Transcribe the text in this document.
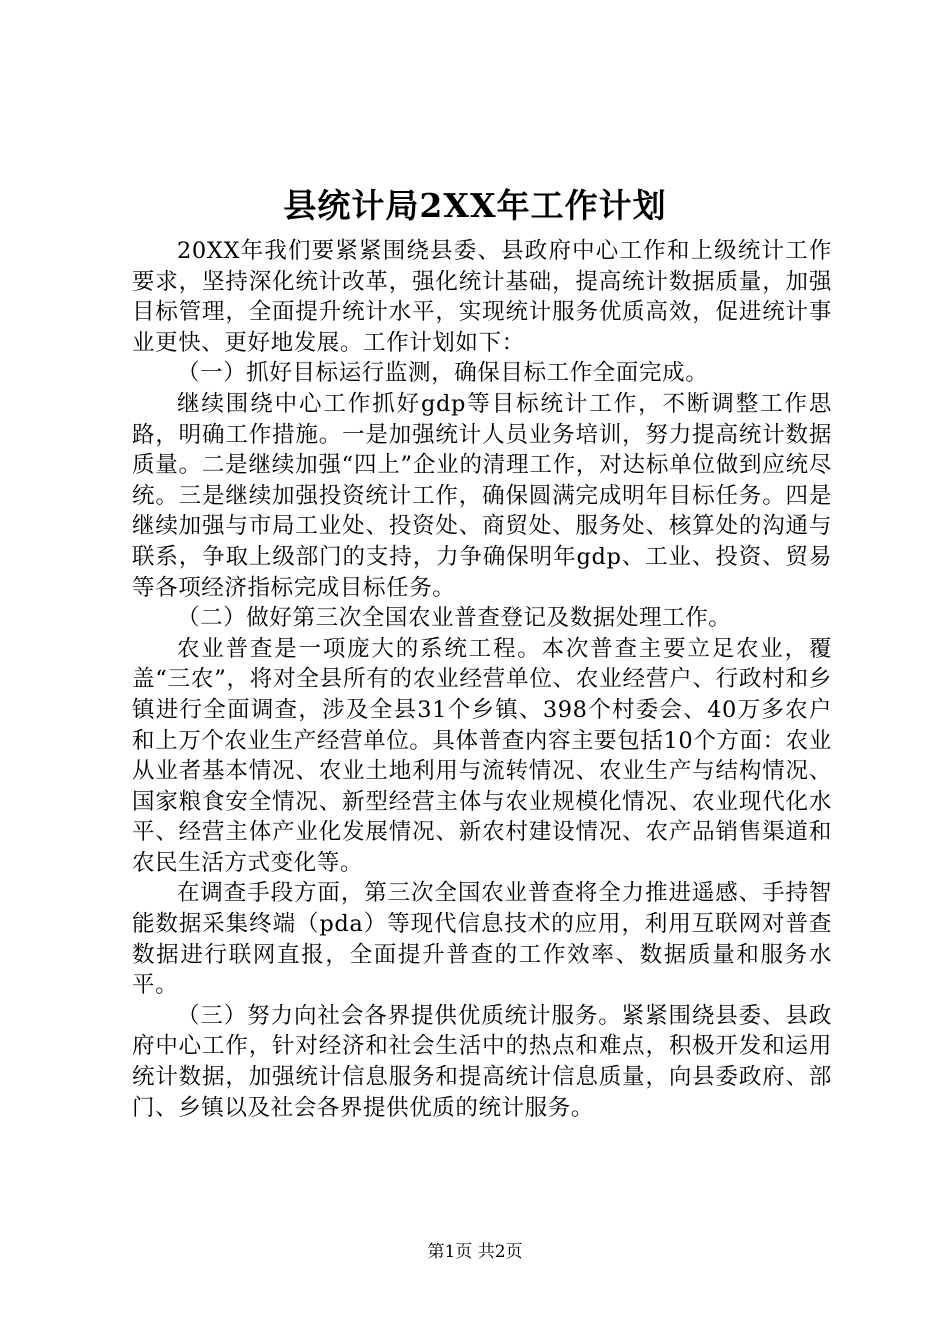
县统计局2XX年工作计划

20XX年我们要紧紧围绕县委、县政府中心工作和上级统计工作要求，坚持深化统计改革，强化统计基础，提高统计数据质量，加强目标管理，全面提升统计水平，实现统计服务优质高效，促进统计事业更快、更好地发展。工作计划如下：

（一）抓好目标运行监测，确保目标工作全面完成。

继续围绕中心工作抓好gdp等目标统计工作，不断调整工作思路，明确工作措施。一是加强统计人员业务培训，努力提高统计数据质量。二是继续加强“四上”企业的清理工作，对达标单位做到应统尽统。三是继续加强投资统计工作，确保圆满完成明年目标任务。四是继续加强与市局工业处、投资处、商贸处、服务处、核算处的沟通与联系，争取上级部门的支持，力争确保明年gdp、工业、投资、贸易等各项经济指标完成目标任务。

（二）做好第三次全国农业普查登记及数据处理工作。

农业普查是一项庞大的系统工程。本次普查主要立足农业，覆盖“三农”，将对全县所有的农业经营单位、农业经营户、行政村和乡镇进行全面调查，涉及全县31个乡镇、398个村委会、40万多农户和上万个农业生产经营单位。具体普查内容主要包括10个方面：农业从业者基本情况、农业土地利用与流转情况、农业生产与结构情况、国家粮食安全情况、新型经营主体与农业规模化情况、农业现代化水平、经营主体产业化发展情况、新农村建设情况、农产品销售渠道和农民生活方式变化等。

在调查手段方面，第三次全国农业普查将全力推进遥感、手持智能数据采集终端（pda）等现代信息技术的应用，利用互联网对普查数据进行联网直报，全面提升普查的工作效率、数据质量和服务水平。

（三）努力向社会各界提供优质统计服务。紧紧围绕县委、县政府中心工作，针对经济和社会生活中的热点和难点，积极开发和运用统计数据，加强统计信息服务和提高统计信息质量，向县委政府、部门、乡镇以及社会各界提供优质的统计服务。

第1页 共2页
